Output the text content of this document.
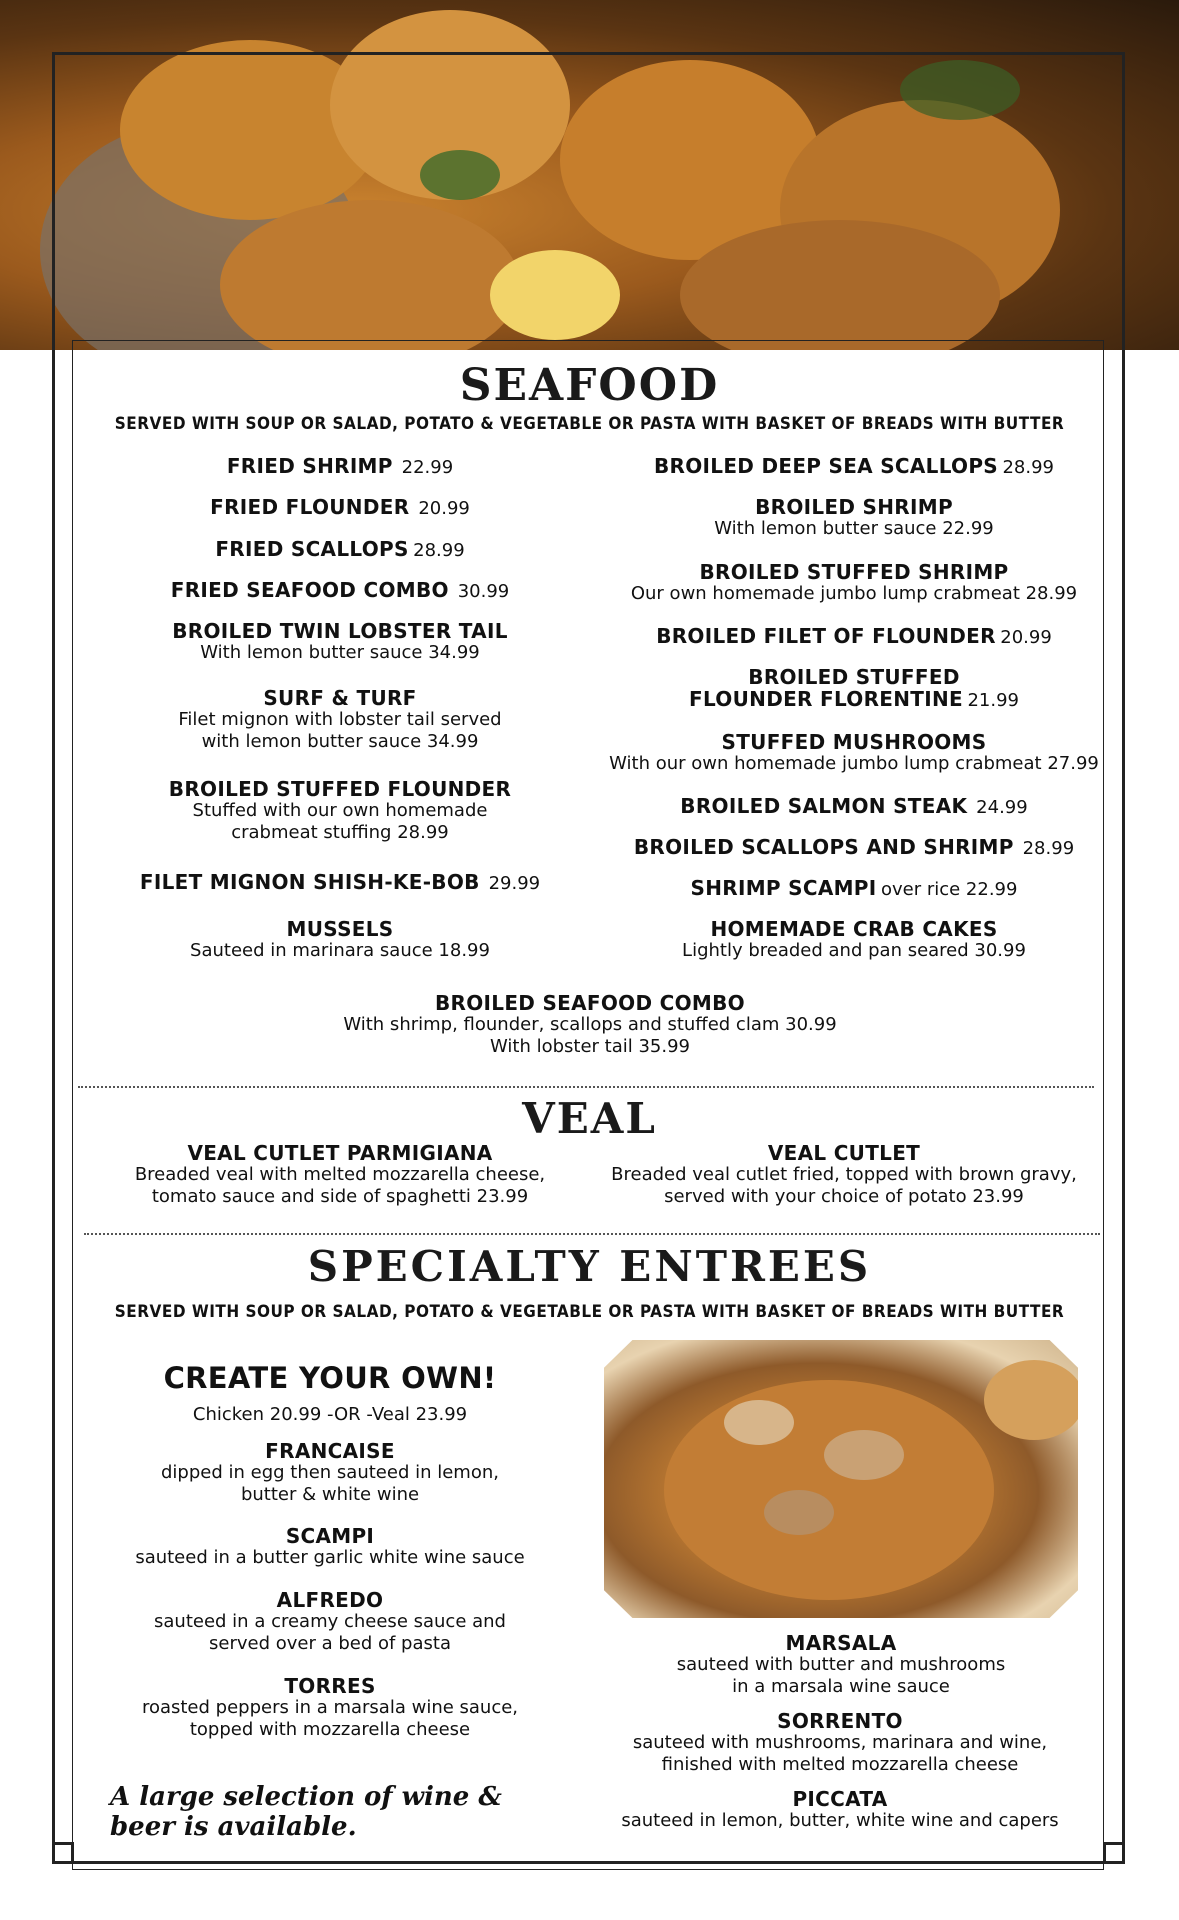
SEAFOOD
SERVED WITH SOUP OR SALAD, POTATO & VEGETABLE OR PASTA WITH BASKET OF BREADS WITH BUTTER
FRIED SHRIMP 22.99
FRIED FLOUNDER 20.99
FRIED SCALLOPS 28.99
FRIED SEAFOOD COMBO 30.99
BROILED TWIN LOBSTER TAIL
With lemon butter sauce 34.99
SURF & TURF
Filet mignon with lobster tail served
with lemon butter sauce 34.99
BROILED STUFFED FLOUNDER
Stuffed with our own homemade
crabmeat stuffing 28.99
FILET MIGNON SHISH-KE-BOB 29.99
MUSSELS
Sauteed in marinara sauce 18.99
BROILED DEEP SEA SCALLOPS 28.99
BROILED SHRIMP
With lemon butter sauce 22.99
BROILED STUFFED SHRIMP
Our own homemade jumbo lump crabmeat 28.99
BROILED FILET OF FLOUNDER 20.99
BROILED STUFFED
FLOUNDER FLORENTINE 21.99
STUFFED MUSHROOMS
With our own homemade jumbo lump crabmeat 27.99
BROILED SALMON STEAK 24.99
BROILED SCALLOPS AND SHRIMP 28.99
SHRIMP SCAMPI over rice 22.99
HOMEMADE CRAB CAKES
Lightly breaded and pan seared 30.99
BROILED SEAFOOD COMBO
With shrimp, flounder, scallops and stuffed clam 30.99
With lobster tail 35.99
VEAL
VEAL CUTLET PARMIGIANA
Breaded veal with melted mozzarella cheese,
tomato sauce and side of spaghetti 23.99
VEAL CUTLET
Breaded veal cutlet fried, topped with brown gravy,
served with your choice of potato 23.99
SPECIALTY ENTREES
SERVED WITH SOUP OR SALAD, POTATO & VEGETABLE OR PASTA WITH BASKET OF BREADS WITH BUTTER
CREATE YOUR OWN!
Chicken 20.99 -OR -Veal 23.99
FRANCAISE
dipped in egg then sauteed in lemon,
butter & white wine
SCAMPI
sauteed in a butter garlic white wine sauce
ALFREDO
sauteed in a creamy cheese sauce and
served over a bed of pasta
TORRES
roasted peppers in a marsala wine sauce,
topped with mozzarella cheese
A large selection of wine & beer is available.
MARSALA
sauteed with butter and mushrooms
in a marsala wine sauce
SORRENTO
sauteed with mushrooms, marinara and wine,
finished with melted mozzarella cheese
PICCATA
sauteed in lemon, butter, white wine and capers
